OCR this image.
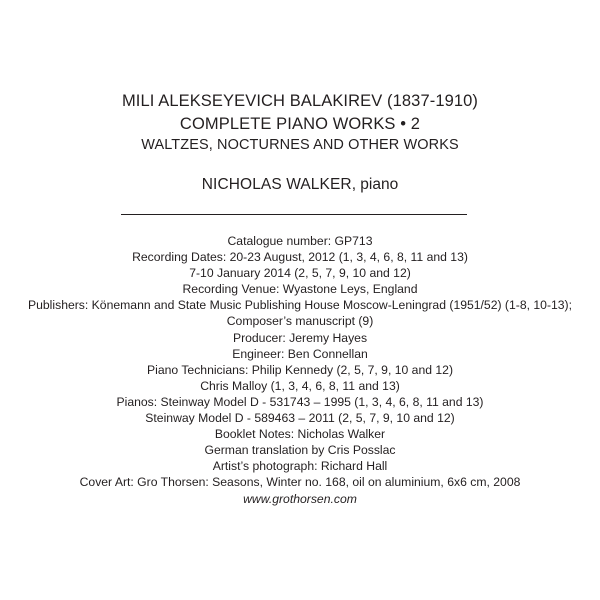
MILI ALEKSEYEVICH BALAKIREV (1837-1910)
COMPLETE PIANO WORKS • 2
WALTZES, NOCTURNES AND OTHER WORKS
NICHOLAS WALKER, piano
Catalogue number: GP713
Recording Dates: 20-23 August, 2012 (1, 3, 4, 6, 8, 11 and 13)
7-10 January 2014 (2, 5, 7, 9, 10 and 12)
Recording Venue: Wyastone Leys, England
Publishers: Könemann and State Music Publishing House Moscow-Leningrad (1951/52) (1-8, 10-13);
Composer’s manuscript (9)
Producer: Jeremy Hayes
Engineer: Ben Connellan
Piano Technicians: Philip Kennedy (2, 5, 7, 9, 10 and 12)
Chris Malloy (1, 3, 4, 6, 8, 11 and 13)
Pianos: Steinway Model D - 531743 – 1995 (1, 3, 4, 6, 8, 11 and 13)
Steinway Model D - 589463 – 2011 (2, 5, 7, 9, 10 and 12)
Booklet Notes: Nicholas Walker
German translation by Cris Posslac
Artist’s photograph: Richard Hall
Cover Art: Gro Thorsen: Seasons, Winter no. 168, oil on aluminium, 6x6 cm, 2008
www.grothorsen.com
